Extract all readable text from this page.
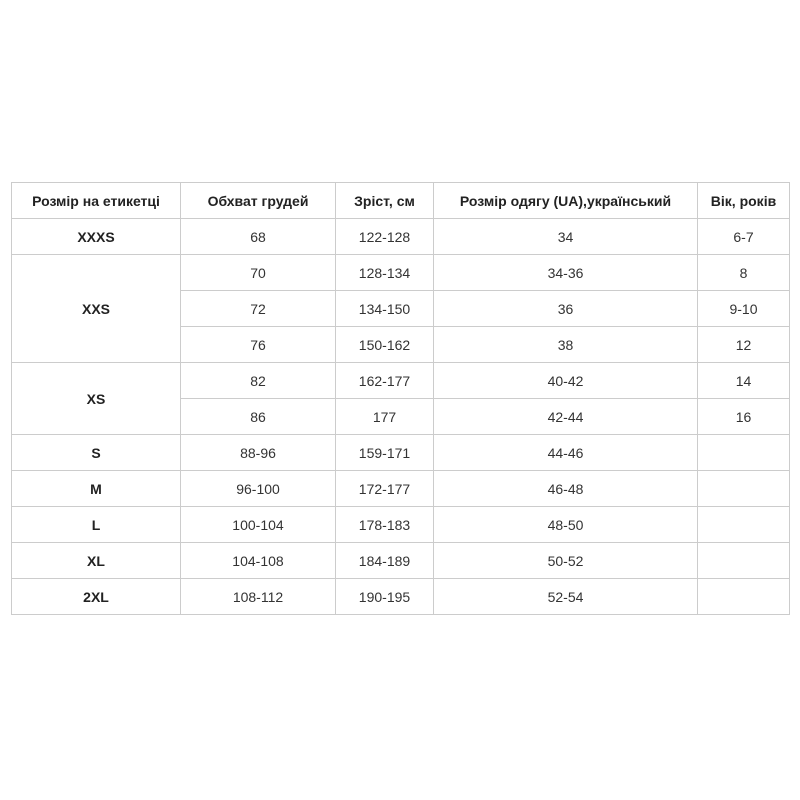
Розмір на етикетці	Обхват грудей	Зріст, см	Розмір одягу (UA),український	Вік, років
XXXS	68	122-128	34	6-7
XXS	70	128-134	34-36	8
	72	134-150	36	9-10
	76	150-162	38	12
XS	82	162-177	40-42	14
	86	177	42-44	16
S	88-96	159-171	44-46	
M	96-100	172-177	46-48	
L	100-104	178-183	48-50	
XL	104-108	184-189	50-52	
2XL	108-112	190-195	52-54	
